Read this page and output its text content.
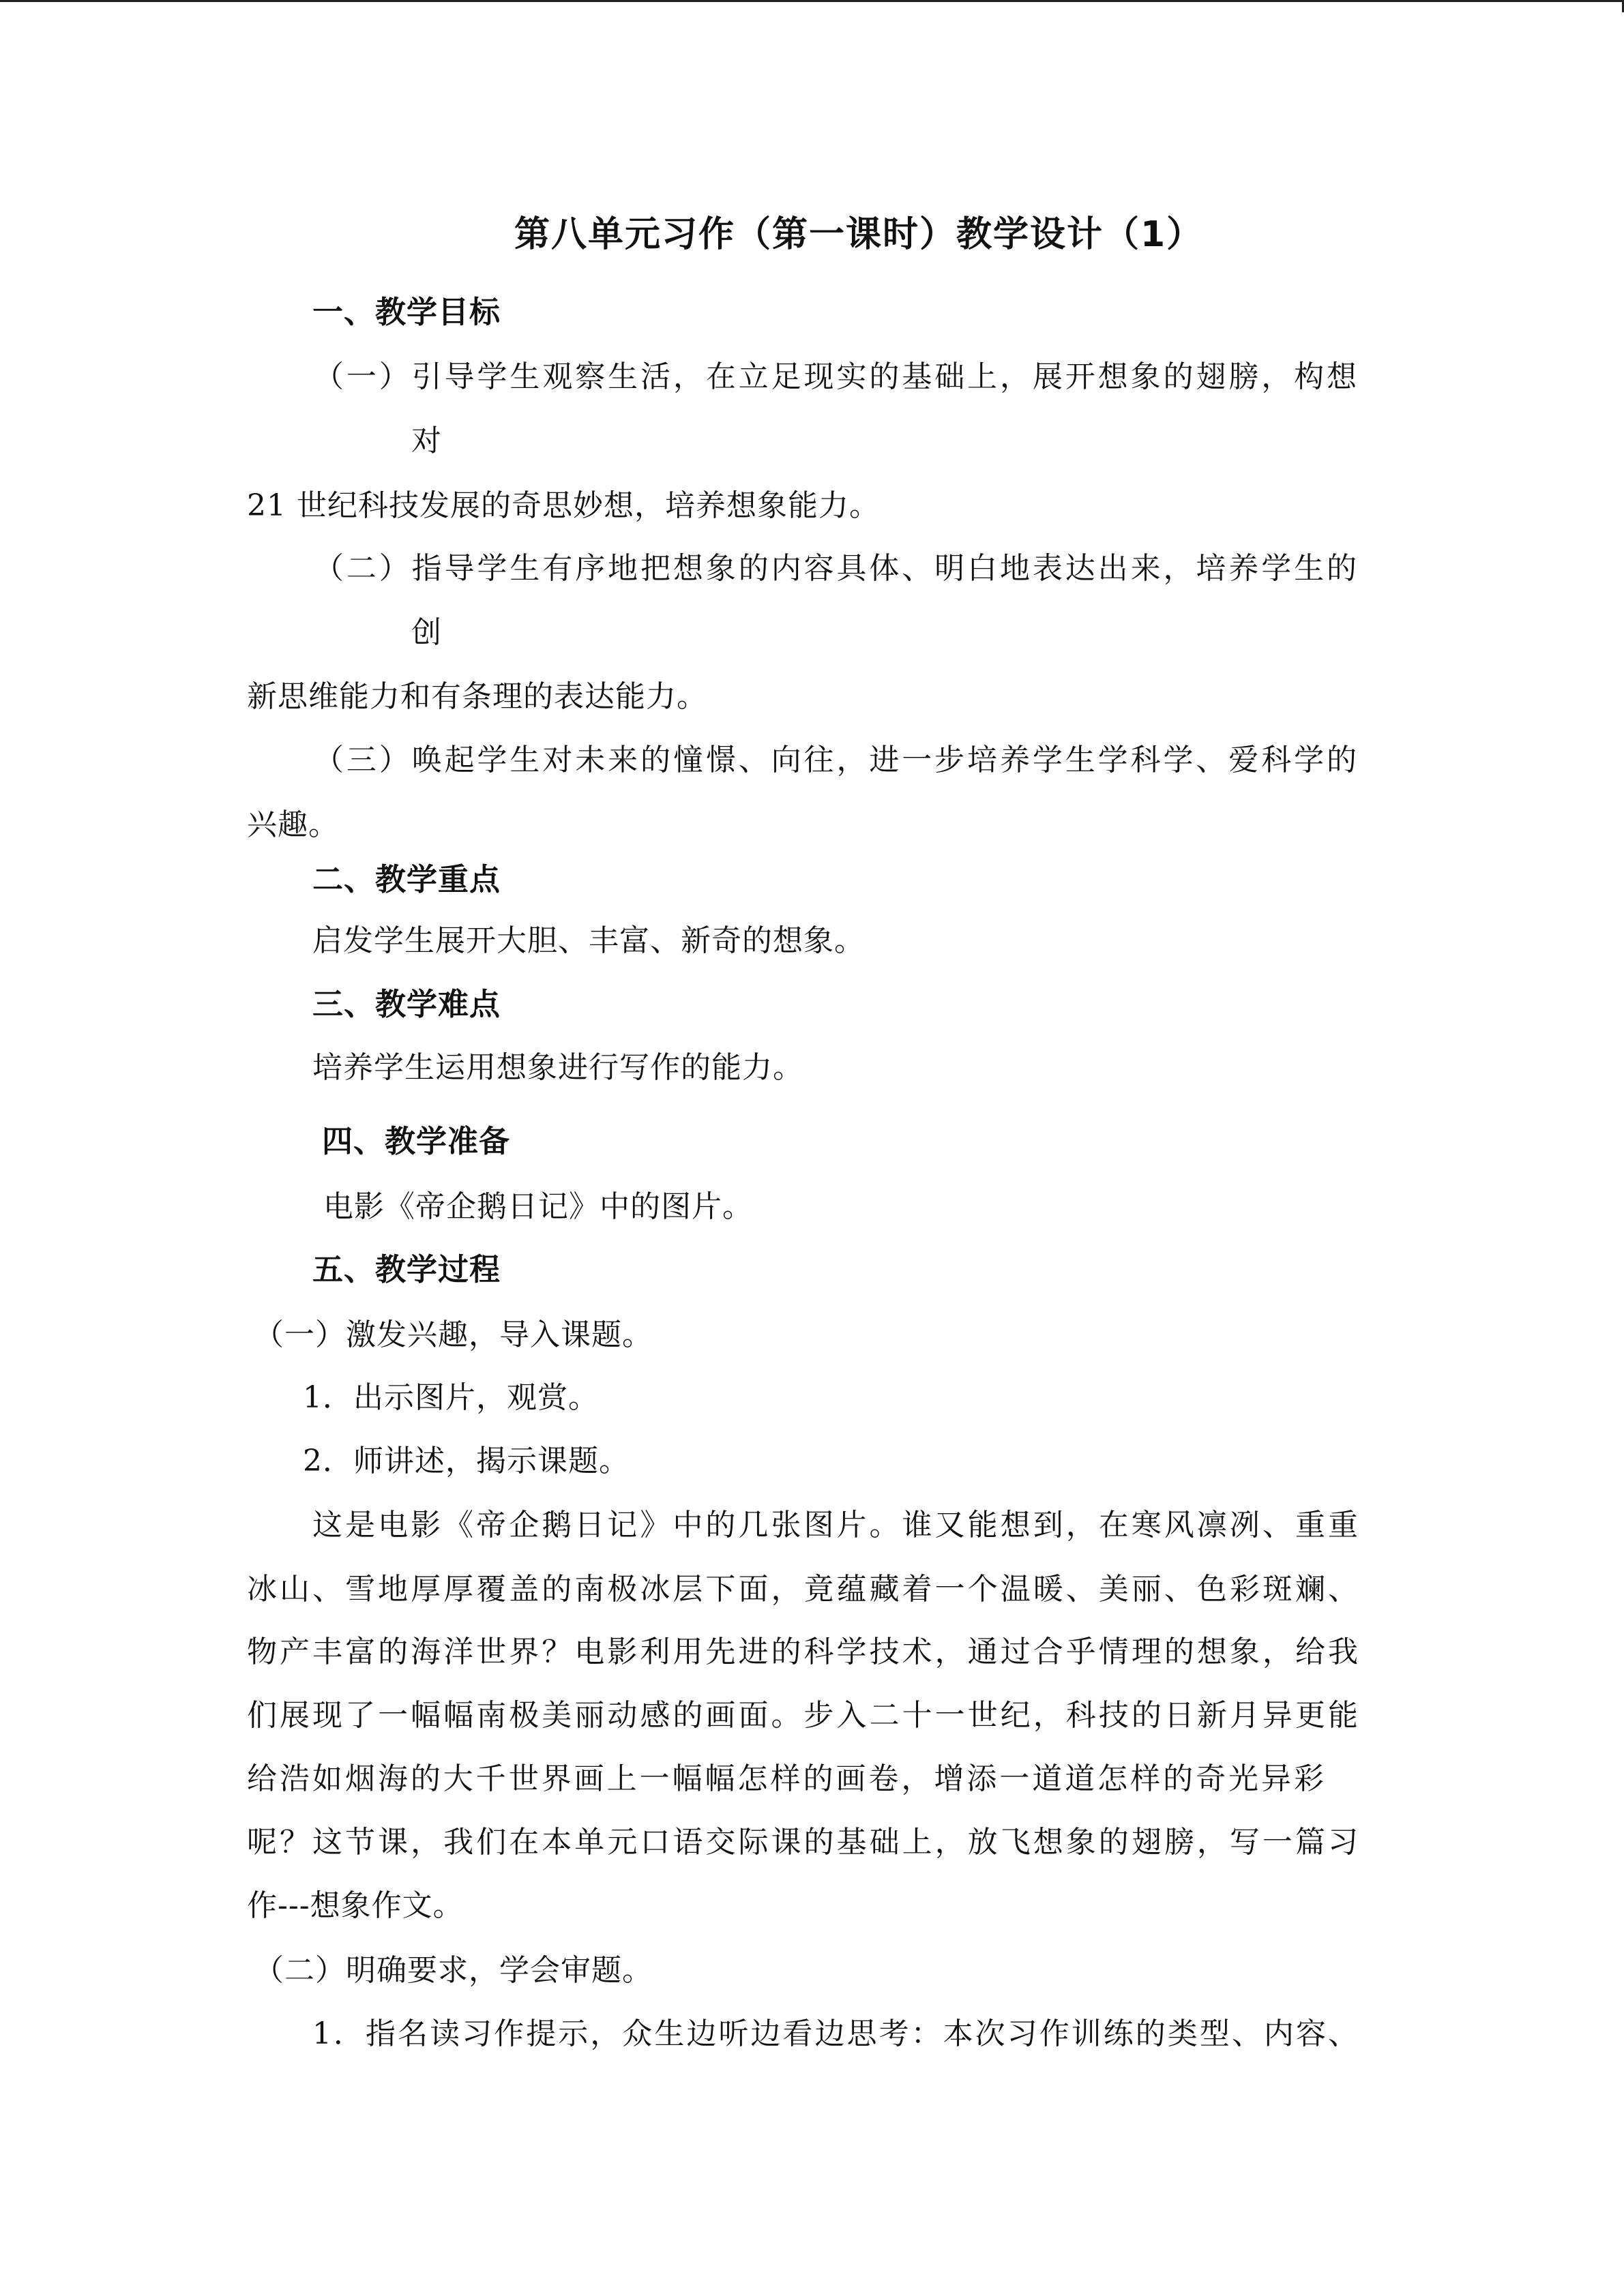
第八单元习作（第一课时）教学设计（1）
一、教学目标
（一）引导学生观察生活，在立足现实的基础上，展开想象的翅膀，构想
对
21 世纪科技发展的奇思妙想，培养想象能力。
（二）指导学生有序地把想象的内容具体、明白地表达出来，培养学生的
创
新思维能力和有条理的表达能力。
（三）唤起学生对未来的憧憬、向往，进一步培养学生学科学、爱科学的
兴趣。
二、教学重点
启发学生展开大胆、丰富、新奇的想象。
三、教学难点
培养学生运用想象进行写作的能力。
四、教学准备
电影《帝企鹅日记》中的图片。
五、教学过程
（一）激发兴趣，导入课题。
1．出示图片，观赏。
2．师讲述，揭示课题。
这是电影《帝企鹅日记》中的几张图片。谁又能想到，在寒风凛冽、重重
冰山、雪地厚厚覆盖的南极冰层下面，竟蕴藏着一个温暖、美丽、色彩斑斓、
物产丰富的海洋世界？电影利用先进的科学技术，通过合乎情理的想象，给我
们展现了一幅幅南极美丽动感的画面。步入二十一世纪，科技的日新月异更能
给浩如烟海的大千世界画上一幅幅怎样的画卷，增添一道道怎样的奇光异彩
呢？这节课，我们在本单元口语交际课的基础上，放飞想象的翅膀，写一篇习
作---想象作文。
（二）明确要求，学会审题。
1．指名读习作提示，众生边听边看边思考：本次习作训练的类型、内容、
